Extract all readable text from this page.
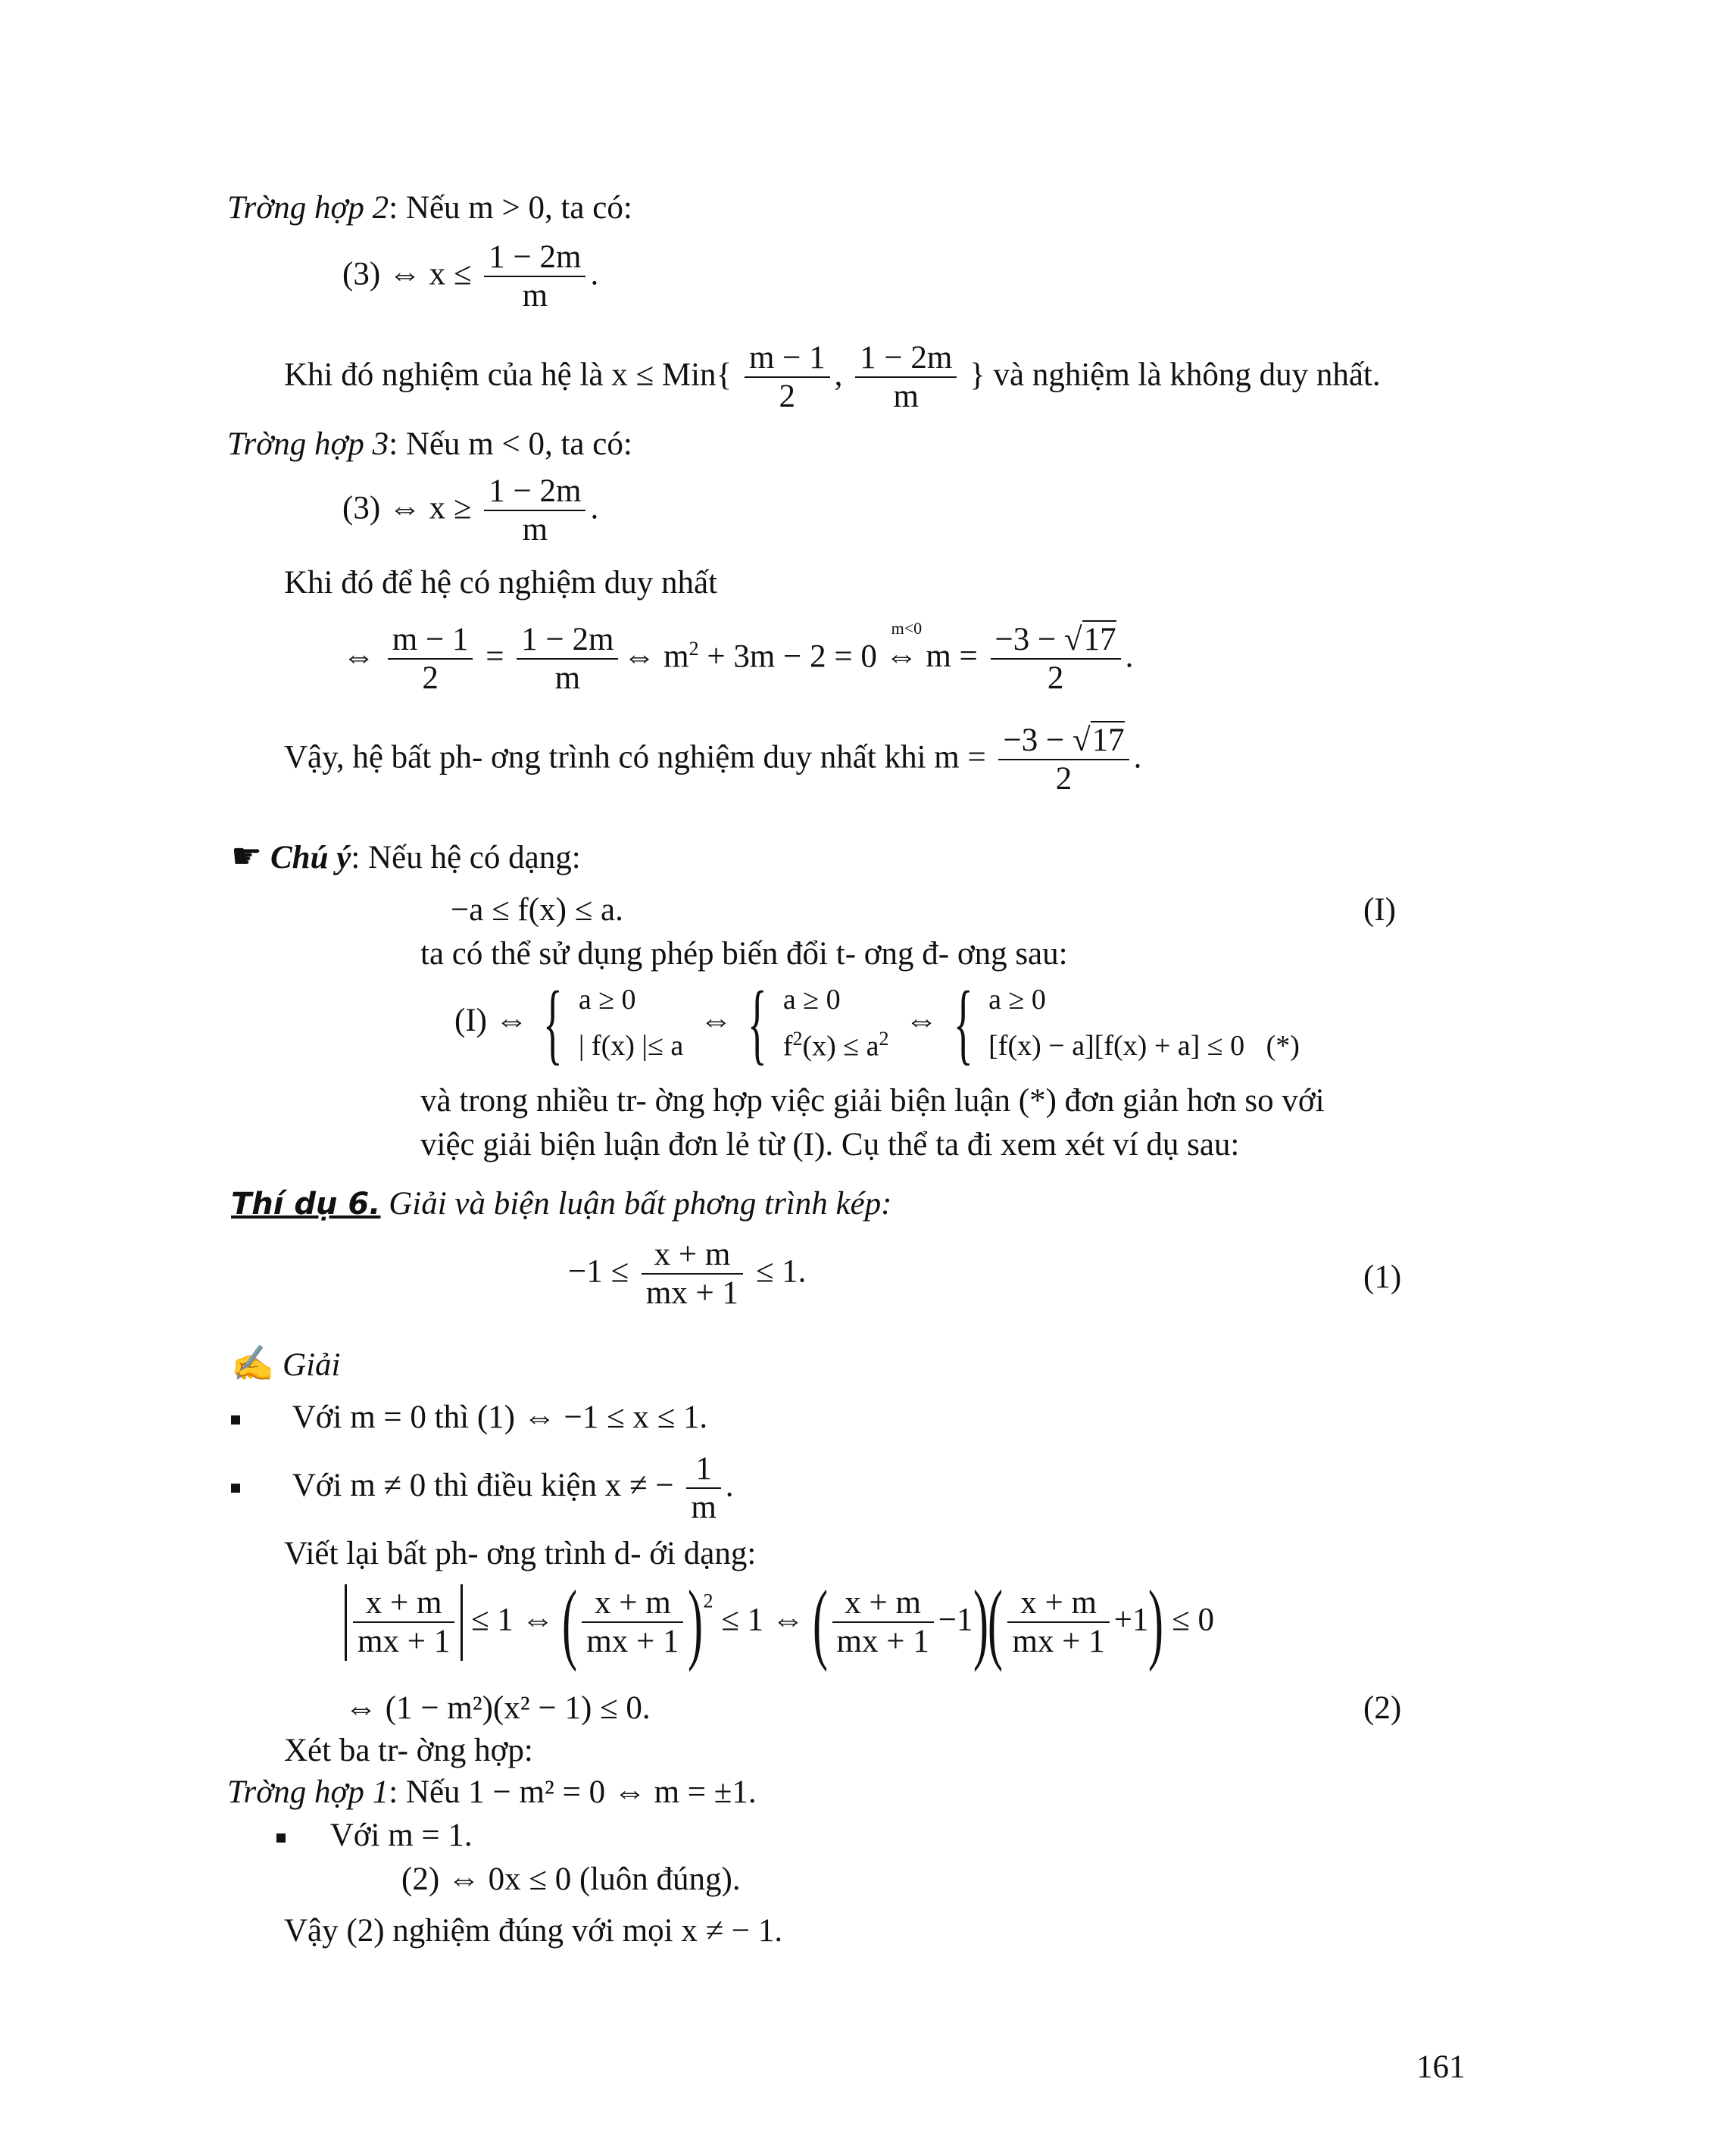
Trờng hợp 2: Nếu m > 0, ta có:
(3) ⇔ $x \le \frac{1 - 2m}{m}$ .
Khi đó nghiệm của hệ là $x \le Min\{ \frac{m - 1}{2}$ , $\frac{1 - 2m}{m}$ } và nghiệm là không duy nhất.
Trờng hợp 3: Nếu m < 0, ta có:
(3) ⇔ $x \ge \frac{1 - 2m}{m}$ .
Khi đó để hệ có nghiệm duy nhất
⇔ $\frac{m - 1}{2} = \frac{1 - 2m}{m}$ ⇔ $m^2 + 3m - 2 = 0$
m<0
⇔ $m = \frac{-3 - √17}{2}$ .
Vậy, hệ bất ph- ơng trình có nghiệm duy nhất khi $m = \frac{-3 - √17}{2}$ .
☛ Chú ý: Nếu hệ có dạng:
−a ≤ f(x) ≤ a.	(I)
ta có thể sử dụng phép biến đổi t- ơng đ- ơng sau:
(I) ⇔ { a ≥ 0
| f(x) |≤ a  ⇔ { a ≥ 0
$f^2(x) \le a^2$  ⇔ { a ≥ 0
[f(x) − a][f(x) + a] ≤ 0 (*)
và trong nhiều tr- ờng hợp việc giải biện luận (*) đơn giản hơn so với
việc giải biện luận đơn lẻ từ (I). Cụ thể ta đi xem xét ví dụ sau:
Thí dụ 6. Giải và biện luận bất phơng trình kép:
$-1 \le \frac{x + m}{mx + 1} \le 1$.	(1)
✍ Giải
Với m = 0 thì (1) ⇔ −1 ≤ x ≤ 1.
Với m ≠ 0 thì điều kiện x ≠ − $\frac{1}{m}$ .
Viết lại bất ph- ơng trình d- ới dạng:
$\frac{x + m}{mx + 1} \le 1$ ⇔ ( $\frac{x + m}{mx + 1} )^2 \le 1$ ⇔ ( $\frac{x + m}{mx + 1} -1)( \frac{x + m}{mx + 1} +1) \le 0$
⇔ (1 − m²)(x² − 1) ≤ 0.	(2)
Xét ba tr- ờng hợp:
Trờng hợp 1: Nếu 1 − m² = 0 ⇔ m = ±1.
Với m = 1.
(2) ⇔ 0x ≤ 0 (luôn đúng).
Vậy (2) nghiệm đúng với mọi x ≠ − 1.
161
